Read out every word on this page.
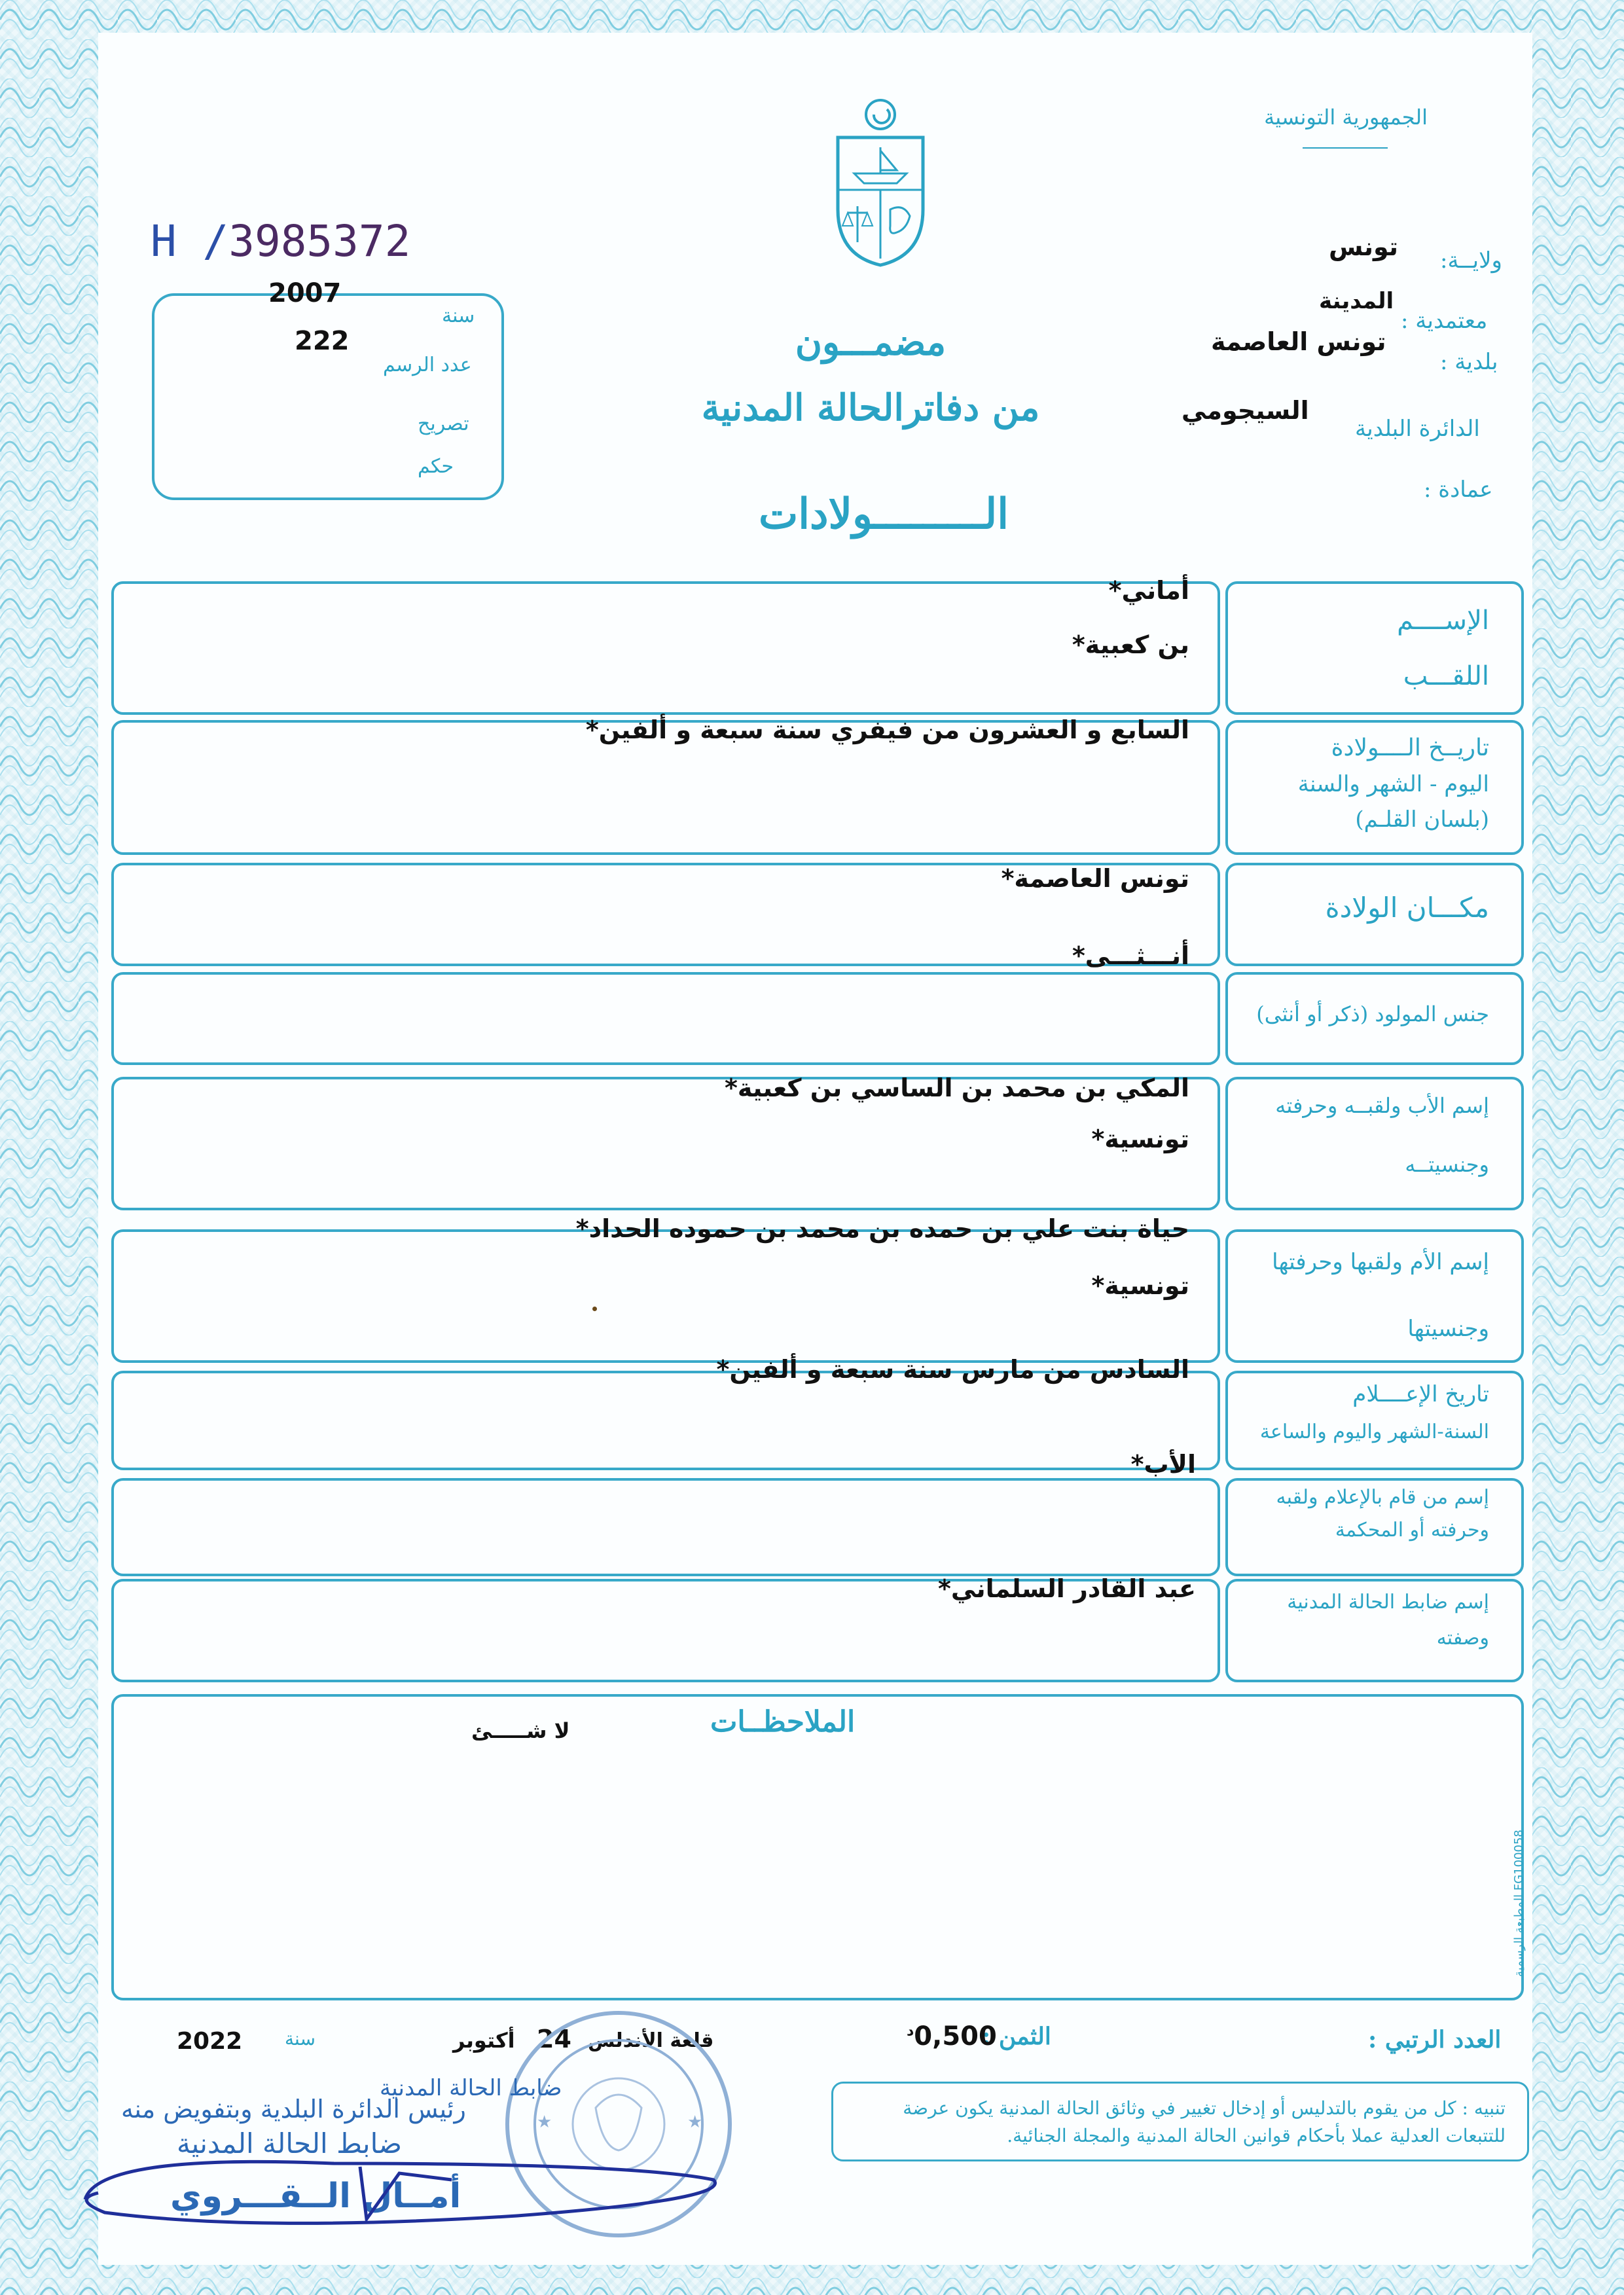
الجمهورية التونسية
H /3985372
2007
سنة
222
عدد الرسم
تصريح
حكم
مضمـــون
من دفاترالحالة المدنية
الـــــــــولادات
ولايــة:
تونس
معتمدية :
المدينة
بلدية :
تونس العاصمة
الدائرة البلدية
السيجومي
عمادة :
أماني*
بن كعبية*
الإســــم
اللقـــب
السابع و العشرون من فيفري سنة سبعة و ألفين*
تاريــخ الــــولادة
اليوم - الشهر والسنة
(بلسان القلـم)
تونس العاصمة*
مكـــان الولادة
أنـــثـــى*
جنس المولود (ذكر أو أنثى)
المكي بن محمد بن الساسي بن كعبية*
تونسية*
إسم الأب ولقبــه وحرفته
وجنسيتــه
حياة بنت علي بن حمده بن محمد بن حموده الحداد*
تونسية*
إسم الأم ولقبها وحرفتها
وجنسيتها
السادس من مارس سنة سبعة و ألفين*
تاريخ الإعــــلام
السنة-الشهر واليوم والساعة
الأب*
إسم من قام بالإعلام ولقبه
وحرفته أو المحكمة
عبد القادر السلماني*	إسم ضابط الحالة المدنية
وصفته
الملاحظــات
لا شـــــئ
المطبعة الرسمية FG100058
العدد الرتبي :
الثمن :
$0,500^د$
قلعة الأندلس
24
أكتوبر
سنة
2022
تنبيه : كل من يقوم بالتدليس أو إدخال تغيير في وثائق الحالة المدنية يكون عرضة للتتبعات العدلية عملا بأحكام قوانين الحالة المدنية والمجلة الجنائية.
★	★
ضابط الحالة المدنية
رئيس الدائرة البلدية وبتفويض منه
ضابط الحالة المدنية
أمــال الــقـــروي
